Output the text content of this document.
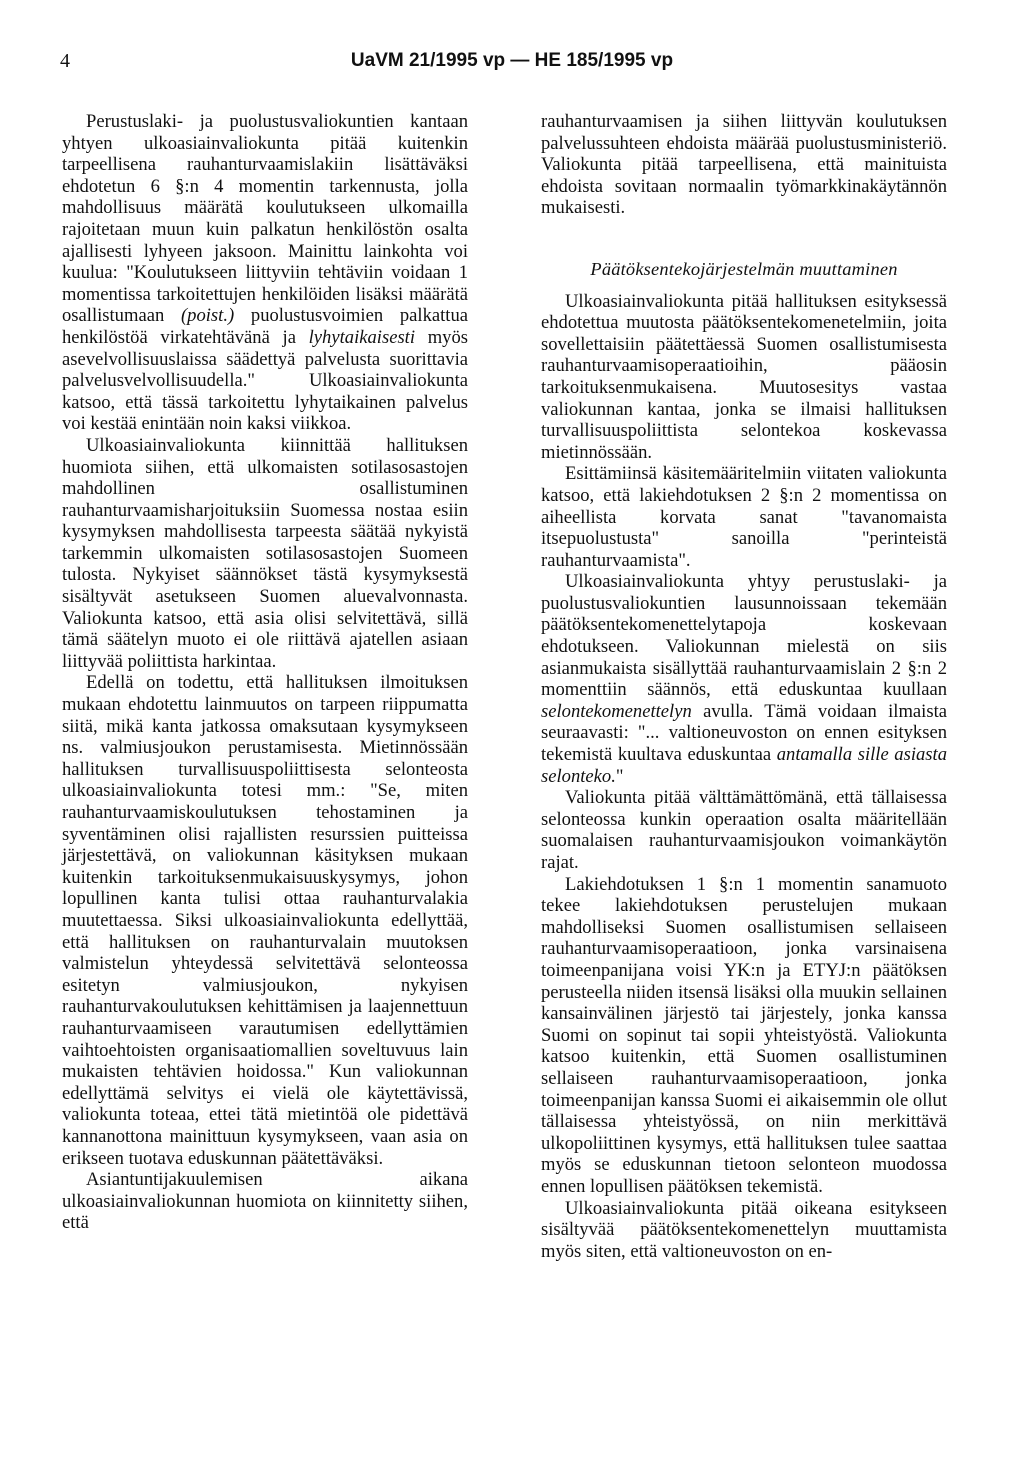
4	UaVM 21/1995 vp — HE 185/1995 vp

Perustuslaki- ja puolustusvaliokuntien kantaan yhtyen ulkoasiainvaliokunta pitää kuitenkin tarpeellisena rauhanturvaamislakiin lisättäväksi ehdotetun 6 §:n 4 momentin tarkennusta, jolla mahdollisuus määrätä koulutukseen ulkomailla rajoitetaan muun kuin palkatun henkilöstön osalta ajallisesti lyhyeen jaksoon. Mainittu lainkohta voi kuulua: "Koulutukseen liittyviin tehtäviin voidaan 1 momentissa tarkoitettujen henkilöiden lisäksi määrätä osallistumaan (poist.) puolustusvoimien palkattua henkilöstöä virkatehtävänä ja lyhytaikaisesti myös asevelvollisuuslaissa säädettyä palvelusta suorittavia palvelusvelvollisuudella." Ulkoasiainvaliokunta katsoo, että tässä tarkoitettu lyhytaikainen palvelus voi kestää enintään noin kaksi viikkoa.

Ulkoasiainvaliokunta kiinnittää hallituksen huomiota siihen, että ulkomaisten sotilasosastojen mahdollinen osallistuminen rauhanturvaamisharjoituksiin Suomessa nostaa esiin kysymyksen mahdollisesta tarpeesta säätää nykyistä tarkemmin ulkomaisten sotilasosastojen Suomeen tulosta. Nykyiset säännökset tästä kysymyksestä sisältyvät asetukseen Suomen aluevalvonnasta. Valiokunta katsoo, että asia olisi selvitettävä, sillä tämä säätelyn muoto ei ole riittävä ajatellen asiaan liittyvää poliittista harkintaa.

Edellä on todettu, että hallituksen ilmoituksen mukaan ehdotettu lainmuutos on tarpeen riippumatta siitä, mikä kanta jatkossa omaksutaan kysymykseen ns. valmiusjoukon perustamisesta. Mietinnössään hallituksen turvallisuuspoliittisesta selonteosta ulkoasiainvaliokunta totesi mm.: "Se, miten rauhanturvaamiskoulutuksen tehostaminen ja syventäminen olisi rajallisten resurssien puitteissa järjestettävä, on valiokunnan käsityksen mukaan kuitenkin tarkoituksenmukaisuuskysymys, johon lopullinen kanta tulisi ottaa rauhanturvalakia muutettaessa. Siksi ulkoasiainvaliokunta edellyttää, että hallituksen on rauhanturvalain muutoksen valmistelun yhteydessä selvitettävä selonteossa esitetyn valmiusjoukon, nykyisen rauhanturvakoulutuksen kehittämisen ja laajennettuun rauhanturvaamiseen varautumisen edellyttämien vaihtoehtoisten organisaatiomallien soveltuvuus lain mukaisten tehtävien hoidossa." Kun valiokunnan edellyttämä selvitys ei vielä ole käytettävissä, valiokunta toteaa, ettei tätä mietintöä ole pidettävä kannanottona mainittuun kysymykseen, vaan asia on erikseen tuotava eduskunnan päätettäväksi.

Asiantuntijakuulemisen aikana ulkoasiainvaliokunnan huomiota on kiinnitetty siihen, että

rauhanturvaamisen ja siihen liittyvän koulutuksen palvelussuhteen ehdoista määrää puolustusministeriö. Valiokunta pitää tarpeellisena, että mainituista ehdoista sovitaan normaalin työmarkkinakäytännön mukaisesti.

Päätöksentekojärjestelmän muuttaminen

Ulkoasiainvaliokunta pitää hallituksen esityksessä ehdotettua muutosta päätöksentekomenetelmiin, joita sovellettaisiin päätettäessä Suomen osallistumisesta rauhanturvaamisoperaatioihin, pääosin tarkoituksenmukaisena. Muutosesitys vastaa valiokunnan kantaa, jonka se ilmaisi hallituksen turvallisuuspoliittista selontekoa koskevassa mietinnössään.

Esittämiinsä käsitemääritelmiin viitaten valiokunta katsoo, että lakiehdotuksen 2 §:n 2 momentissa on aiheellista korvata sanat "tavanomaista itsepuolustusta" sanoilla "perinteistä rauhanturvaamista".

Ulkoasiainvaliokunta yhtyy perustuslaki- ja puolustusvaliokuntien lausunnoissaan tekemään päätöksentekomenettelytapoja koskevaan ehdotukseen. Valiokunnan mielestä on siis asianmukaista sisällyttää rauhanturvaamislain 2 §:n 2 momenttiin säännös, että eduskuntaa kuullaan selontekomenettelyn avulla. Tämä voidaan ilmaista seuraavasti: "... valtioneuvoston on ennen esityksen tekemistä kuultava eduskuntaa antamalla sille asiasta selonteko."

Valiokunta pitää välttämättömänä, että tällaisessa selonteossa kunkin operaation osalta määritellään suomalaisen rauhanturvaamisjoukon voimankäytön rajat.

Lakiehdotuksen 1 §:n 1 momentin sanamuoto tekee lakiehdotuksen perustelujen mukaan mahdolliseksi Suomen osallistumisen sellaiseen rauhanturvaamisoperaatioon, jonka varsinaisena toimeenpanijana voisi YK:n ja ETYJ:n päätöksen perusteella niiden itsensä lisäksi olla muukin sellainen kansainvälinen järjestö tai järjestely, jonka kanssa Suomi on sopinut tai sopii yhteistyöstä. Valiokunta katsoo kuitenkin, että Suomen osallistuminen sellaiseen rauhanturvaamisoperaatioon, jonka toimeenpanijan kanssa Suomi ei aikaisemmin ole ollut tällaisessa yhteistyössä, on niin merkittävä ulkopoliittinen kysymys, että hallituksen tulee saattaa myös se eduskunnan tietoon selonteon muodossa ennen lopullisen päätöksen tekemistä.

Ulkoasiainvaliokunta pitää oikeana esitykseen sisältyvää päätöksentekomenettelyn muuttamista myös siten, että valtioneuvoston on en-
